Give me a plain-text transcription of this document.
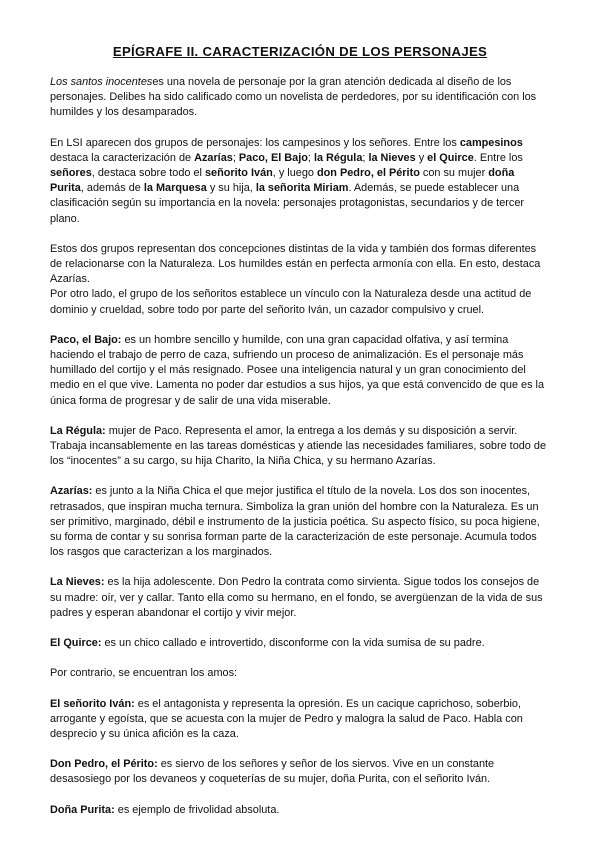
EPÍGRAFE II. CARACTERIZACIÓN DE LOS PERSONAJES

Los santos inocenteses una novela de personaje por la gran atención dedicada al diseño de los personajes. Delibes ha sido calificado como un novelista de perdedores, por su identificación con los humildes y los desamparados.

En LSI aparecen dos grupos de personajes: los campesinos y los señores. Entre los campesinos destaca la caracterización de Azarías; Paco, El Bajo; la Régula; la Nieves y el Quirce. Entre los señores, destaca sobre todo el señorito Iván, y luego don Pedro, el Périto con su mujer doña Purita, además de la Marquesa y su hija, la señorita Miriam. Además, se puede establecer una clasificación según su importancia en la novela: personajes protagonistas, secundarios y de tercer plano.

Estos dos grupos representan dos concepciones distintas de la vida y también dos formas diferentes de relacionarse con la Naturaleza. Los humildes están en perfecta armonía con ella. En esto, destaca Azarías.

Por otro lado, el grupo de los señoritos establece un vínculo con la Naturaleza desde una actitud de dominio y crueldad, sobre todo por parte del señorito Iván, un cazador compulsivo y cruel.

Paco, el Bajo: es un hombre sencillo y humilde, con una gran capacidad olfativa, y así termina haciendo el trabajo de perro de caza, sufriendo un proceso de animalización. Es el personaje más humillado del cortijo y el más resignado. Posee una inteligencia natural y un gran conocimiento del medio en el que vive. Lamenta no poder dar estudios a sus hijos, ya que está convencido de que es la única forma de progresar y de salir de una vida miserable.

La Régula: mujer de Paco. Representa el amor, la entrega a los demás y su disposición a servir. Trabaja incansablemente en las tareas domésticas y atiende las necesidades familiares, sobre todo de los “inocentes” a su cargo, su hija Charito, la Niña Chica, y su hermano Azarías.

Azarías: es junto a la Niña Chica el que mejor justifica el título de la novela. Los dos son inocentes, retrasados, que inspiran mucha ternura. Simboliza la gran unión del hombre con la Naturaleza. Es un ser primitivo, marginado, débil e instrumento de la justicia poética. Su aspecto físico, su poca higiene, su forma de contar y su sonrisa forman parte de la caracterización de este personaje. Acumula todos los rasgos que caracterizan a los marginados.

La Nieves: es la hija adolescente. Don Pedro la contrata como sirvienta. Sigue todos los consejos de su madre: oír, ver y callar. Tanto ella como su hermano, en el fondo, se avergüenzan de la vida de sus padres y esperan abandonar el cortijo y vivir mejor.

El Quirce: es un chico callado e introvertido, disconforme con la vida sumisa de su padre.

Por contrario, se encuentran los amos:

El señorito Iván: es el antagonista y representa la opresión. Es un cacique caprichoso, soberbio, arrogante y egoísta, que se acuesta con la mujer de Pedro y malogra la salud de Paco. Habla con desprecio y su única afición es la caza.

Don Pedro, el Périto: es siervo de los señores y señor de los siervos. Vive en un constante desasosiego por los devaneos y coqueterías de su mujer, doña Purita, con el señorito Iván.

Doña Purita: es ejemplo de frivolidad absoluta.
